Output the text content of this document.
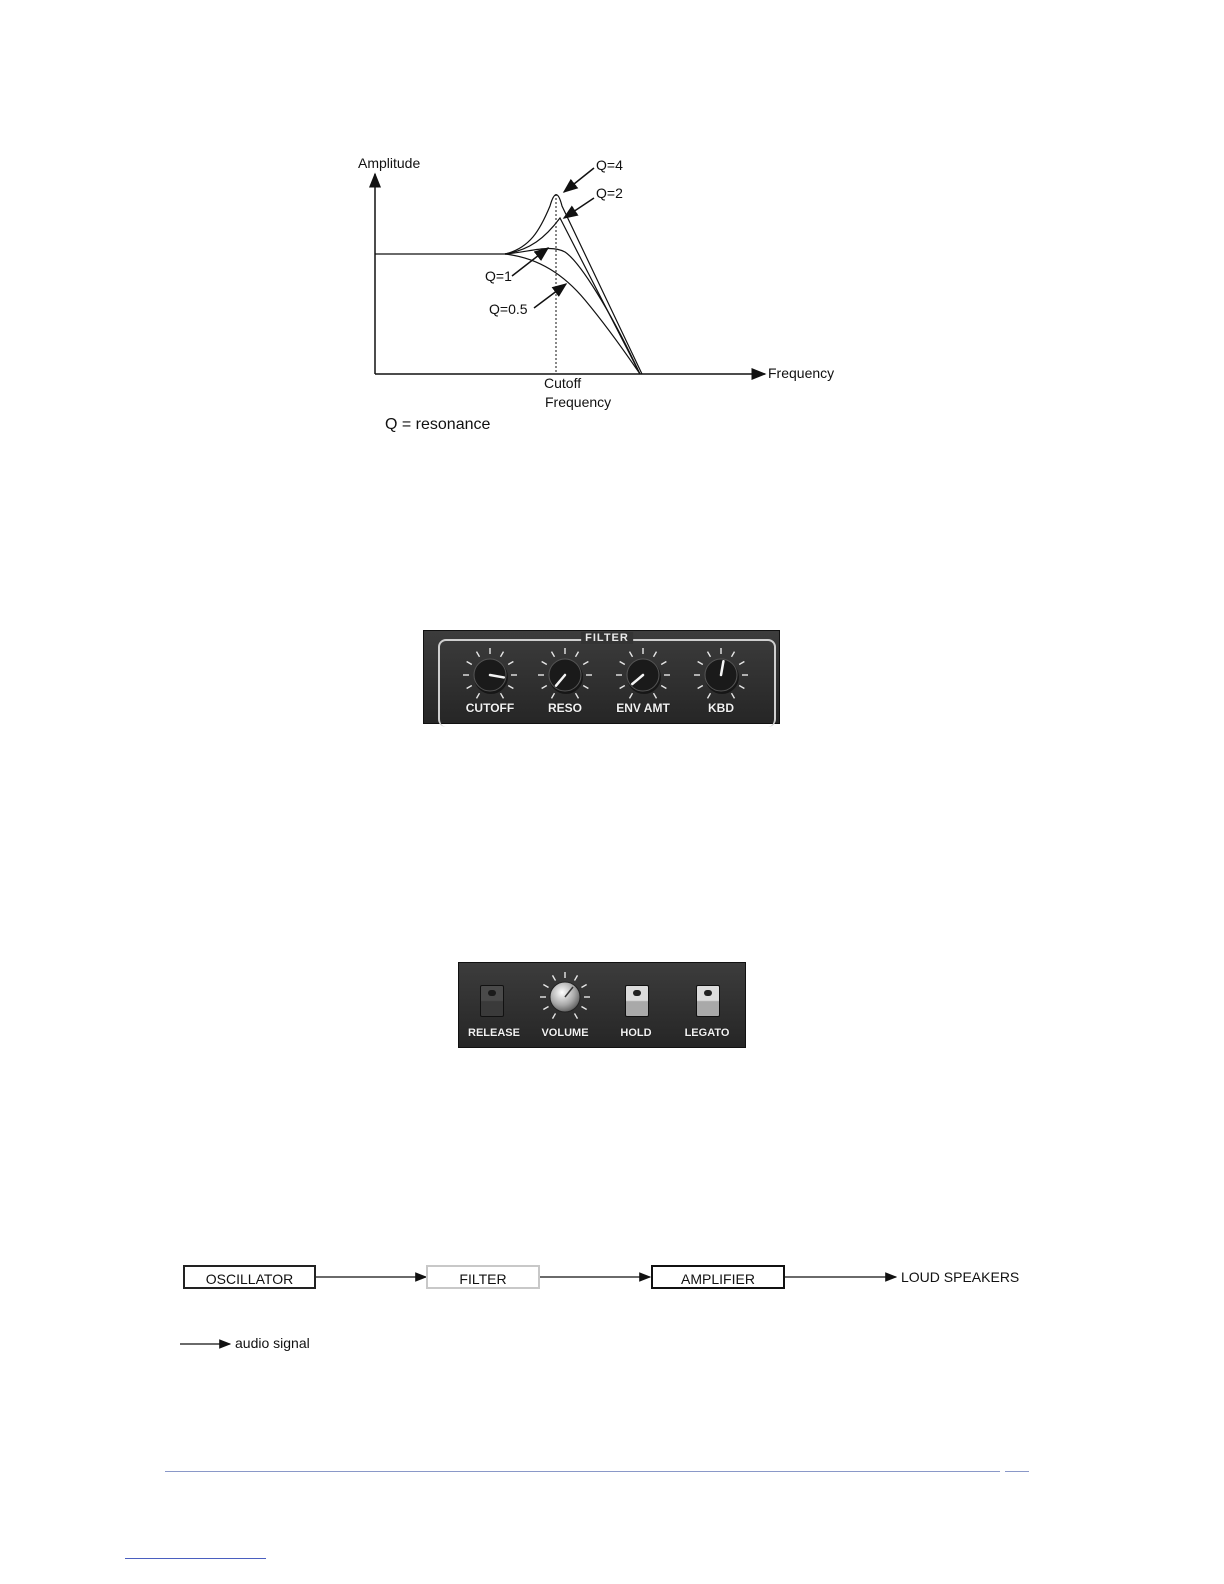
Amplitude
Frequency
Q=4
Q=2
Q=1
Q=0.5
Cutoff
Frequency
Q = resonance
FILTER
CUTOFF	RESO	ENV AMT	KBD
RELEASE	VOLUME	HOLD	LEGATO
OSCILLATOR	FILTER	AMPLIFIER	LOUD SPEAKERS
audio signal
